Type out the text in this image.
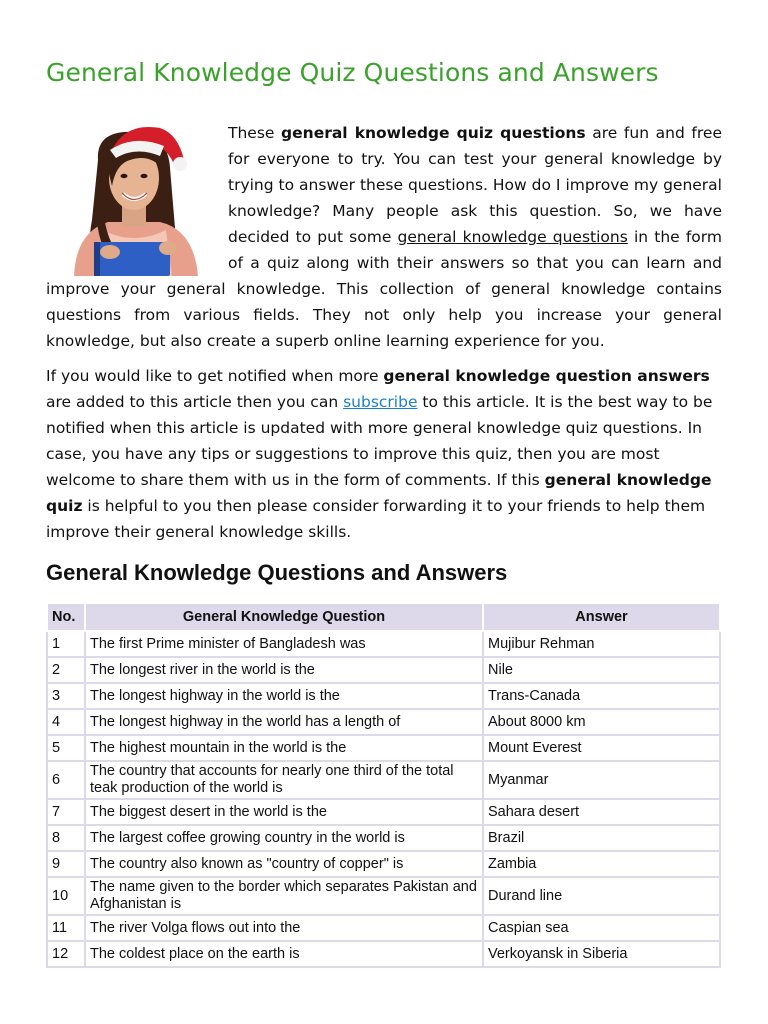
General Knowledge Quiz Questions and Answers

These general knowledge quiz questions are fun and free for everyone to try. You can test your general knowledge by trying to answer these questions. How do I improve my general knowledge? Many people ask this question. So, we have decided to put some general knowledge questions in the form of a quiz along with their answers so that you can learn and improve your general knowledge. This collection of general knowledge contains questions from various fields. They not only help you increase your general knowledge, but also create a superb online learning experience for you.

If you would like to get notified when more general knowledge question answers are added to this article then you can subscribe to this article. It is the best way to be notified when this article is updated with more general knowledge quiz questions. In case, you have any tips or suggestions to improve this quiz, then you are most welcome to share them with us in the form of comments. If this general knowledge quiz is helpful to you then please consider forwarding it to your friends to help them improve their general knowledge skills.

General Knowledge Questions and Answers
No.	General Knowledge Question	Answer
1	The first Prime minister of Bangladesh was	Mujibur Rehman
2	The longest river in the world is the	Nile
3	The longest highway in the world is the	Trans-Canada
4	The longest highway in the world has a length of	About 8000 km
5	The highest mountain in the world is the	Mount Everest
6	The country that accounts for nearly one third of the total teak production of the world is	Myanmar
7	The biggest desert in the world is the	Sahara desert
8	The largest coffee growing country in the world is	Brazil
9	The country also known as "country of copper" is	Zambia
10	The name given to the border which separates Pakistan and Afghanistan is	Durand line
11	The river Volga flows out into the	Caspian sea
12	The coldest place on the earth is	Verkoyansk in Siberia
